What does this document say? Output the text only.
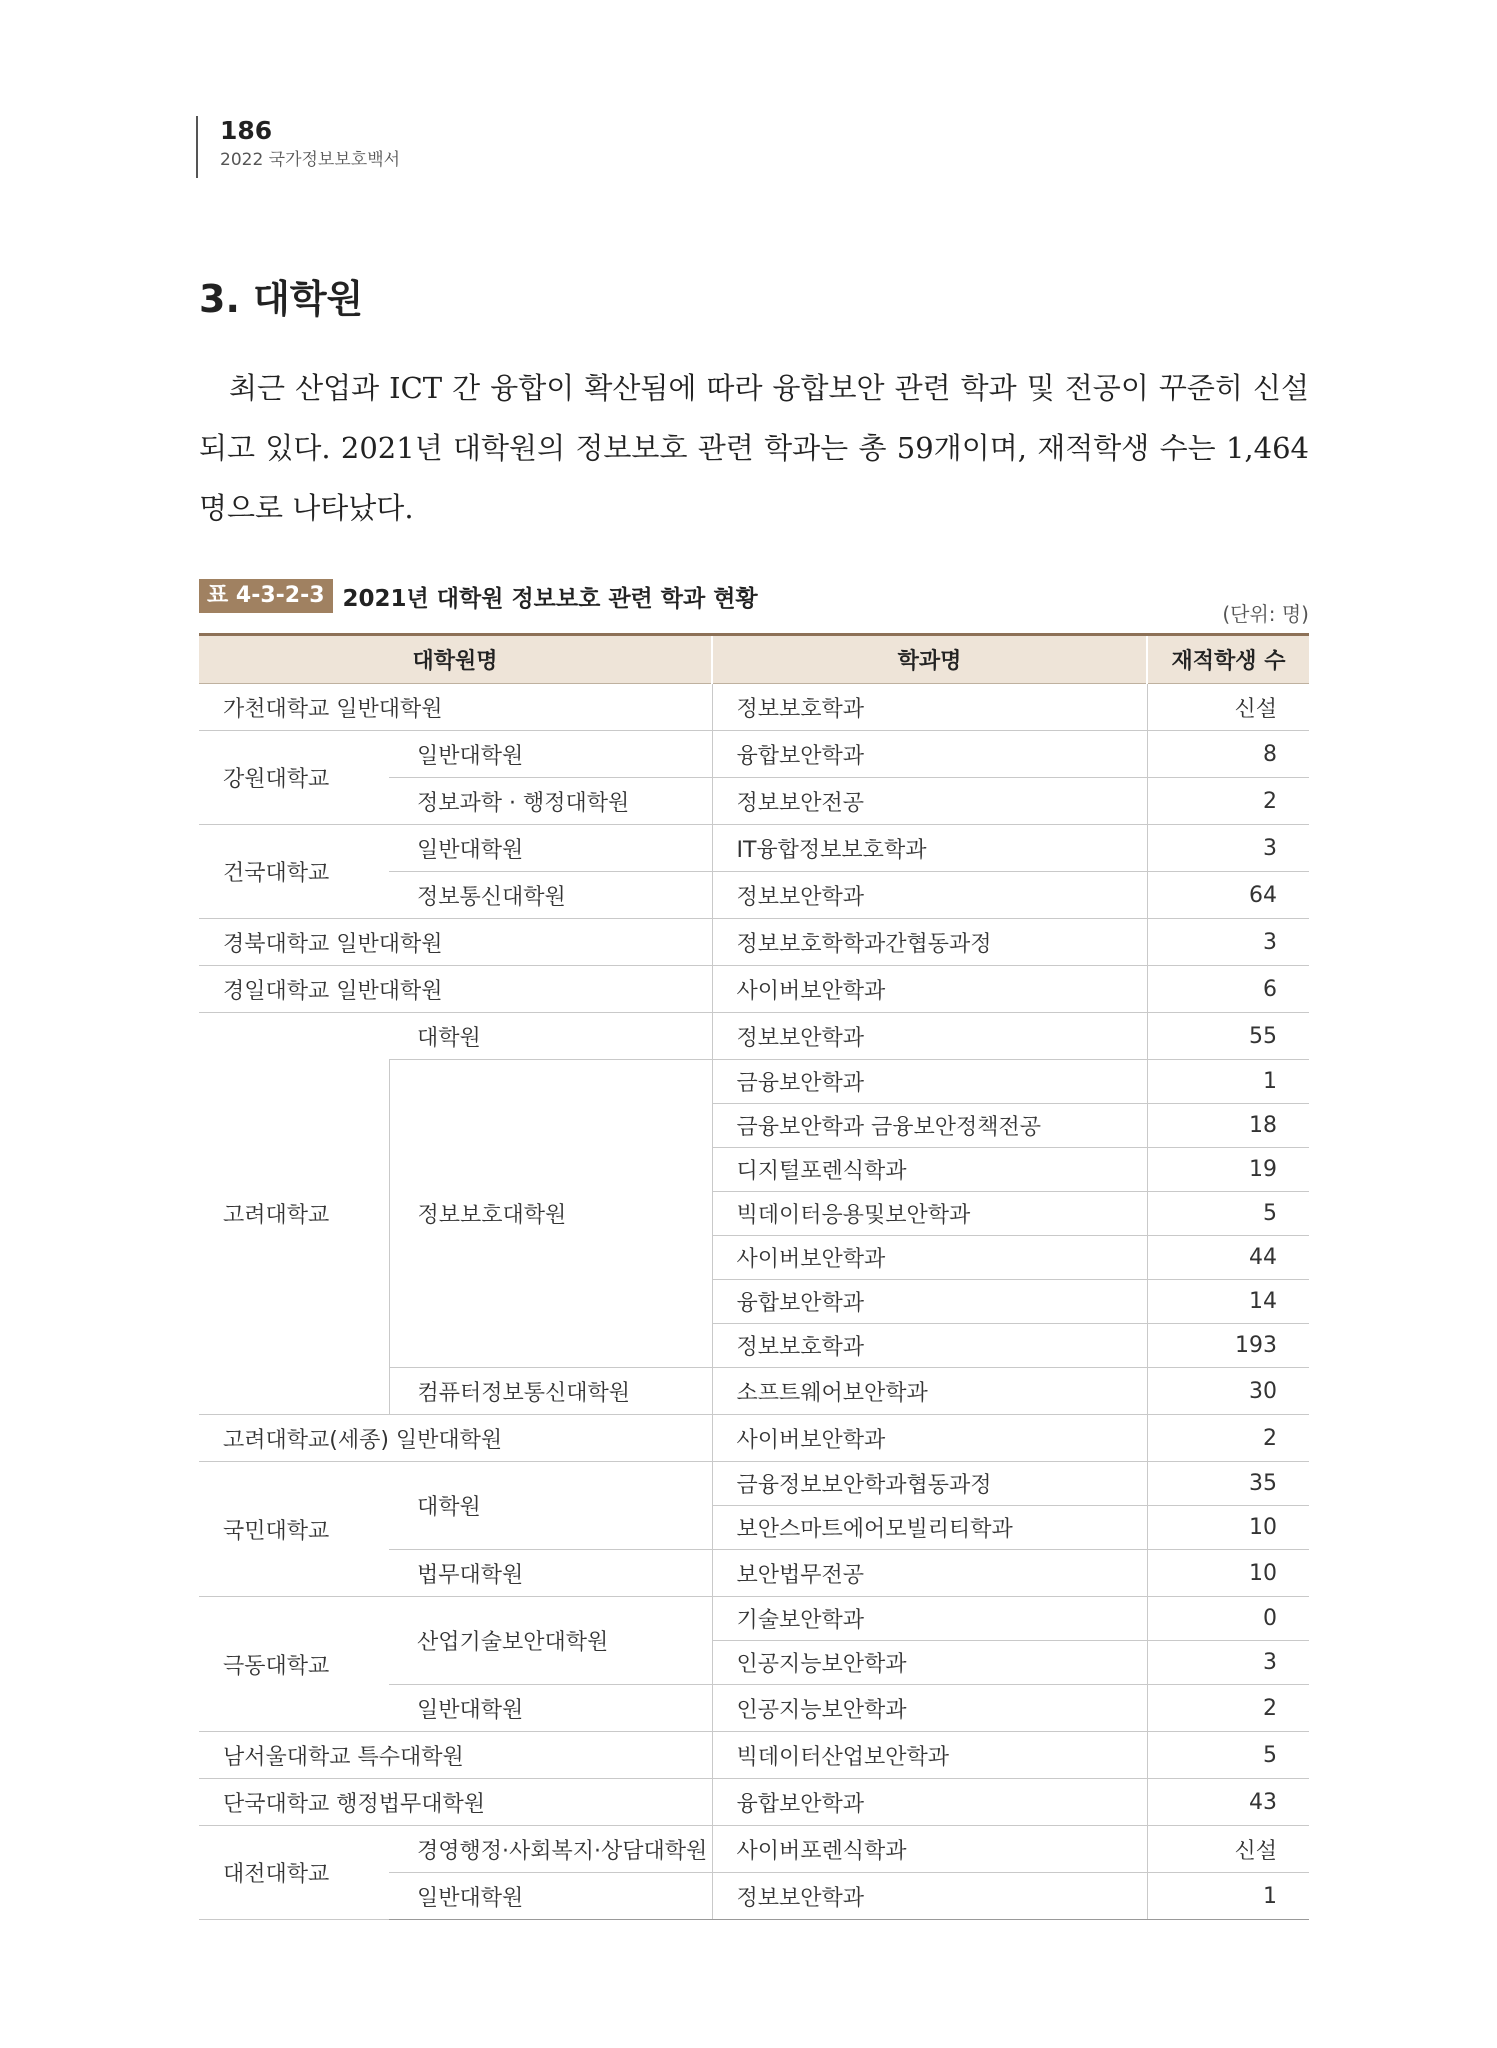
186
2022 국가정보보호백서
3. 대학원

최근 산업과 ICT 간 융합이 확산됨에 따라 융합보안 관련 학과 및 전공이 꾸준히 신설되고 있다. 2021년 대학원의 정보보호 관련 학과는 총 59개이며, 재적학생 수는 1,464명으로 나타났다.

표 4-3-2-3 2021년 대학원 정보보호 관련 학과 현황
(단위: 명)
대학원명		학과명	재적학생 수
가천대학교 일반대학원		정보보호학과	신설
강원대학교	일반대학원	융합보안학과	8
	정보과학 · 행정대학원	정보보안전공	2
건국대학교	일반대학원	IT융합정보보호학과	3
	정보통신대학원	정보보안학과	64
경북대학교 일반대학원		정보보호학학과간협동과정	3
경일대학교 일반대학원		사이버보안학과	6
고려대학교	대학원	정보보안학과	55
	정보보호대학원	금융보안학과	1
		금융보안학과 금융보안정책전공	18
		디지털포렌식학과	19
		빅데이터응용및보안학과	5
		사이버보안학과	44
		융합보안학과	14
		정보보호학과	193
	컴퓨터정보통신대학원	소프트웨어보안학과	30
고려대학교(세종) 일반대학원		사이버보안학과	2
국민대학교	대학원	금융정보보안학과협동과정	35
		보안스마트에어모빌리티학과	10
	법무대학원	보안법무전공	10
극동대학교	산업기술보안대학원	기술보안학과	0
		인공지능보안학과	3
	일반대학원	인공지능보안학과	2
남서울대학교 특수대학원		빅데이터산업보안학과	5
단국대학교 행정법무대학원		융합보안학과	43
대전대학교	경영행정·사회복지·상담대학원	사이버포렌식학과	신설
	일반대학원	정보보안학과	1
